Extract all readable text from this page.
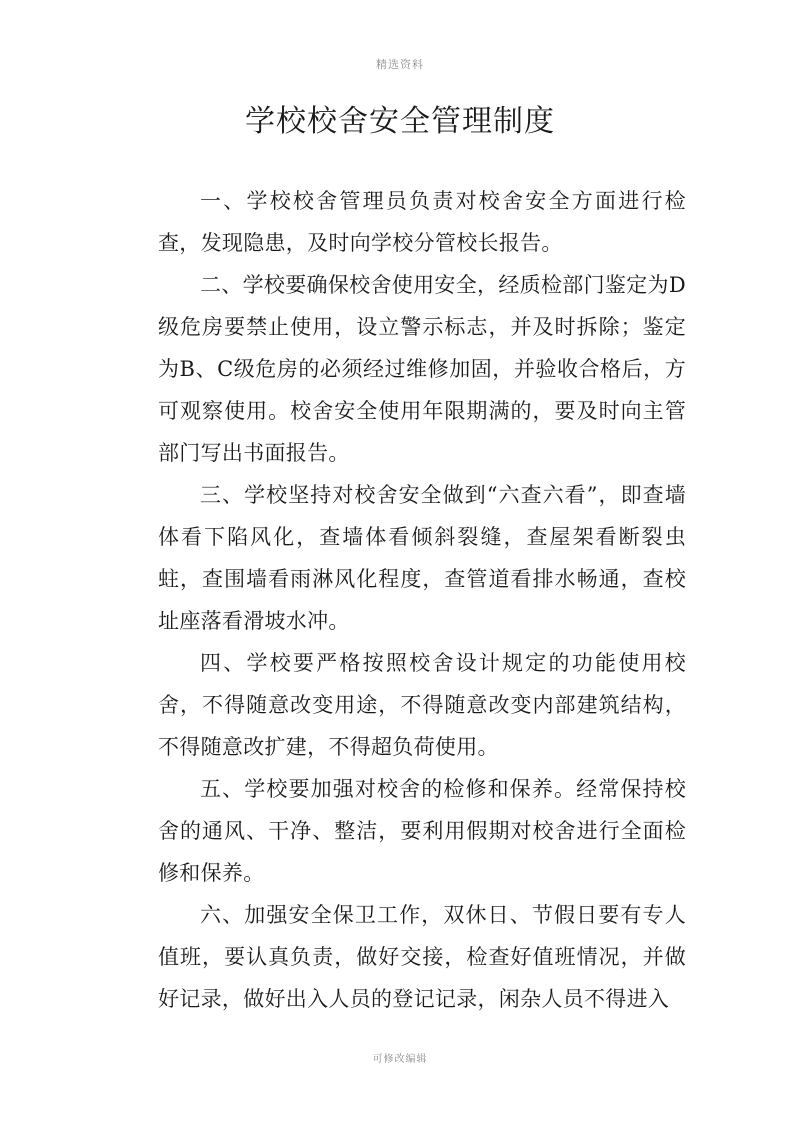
精选资料
学校校舍安全管理制度

一、学校校舍管理员负责对校舍安全方面进行检查，发现隐患，及时向学校分管校长报告。

二、学校要确保校舍使用安全，经质检部门鉴定为D级危房要禁止使用，设立警示标志，并及时拆除；鉴定为B、C级危房的必须经过维修加固，并验收合格后，方可观察使用。校舍安全使用年限期满的，要及时向主管部门写出书面报告。

三、学校坚持对校舍安全做到“六查六看”，即查墙体看下陷风化，查墙体看倾斜裂缝，查屋架看断裂虫蛀，查围墙看雨淋风化程度，查管道看排水畅通，查校址座落看滑坡水冲。

四、学校要严格按照校舍设计规定的功能使用校舍，不得随意改变用途，不得随意改变内部建筑结构，不得随意改扩建，不得超负荷使用。

五、学校要加强对校舍的检修和保养。经常保持校舍的通风、干净、整洁，要利用假期对校舍进行全面检修和保养。

六、加强安全保卫工作，双休日、节假日要有专人值班，要认真负责，做好交接，检查好值班情况，并做好记录，做好出入人员的登记记录，闲杂人员不得进入

可修改编辑
